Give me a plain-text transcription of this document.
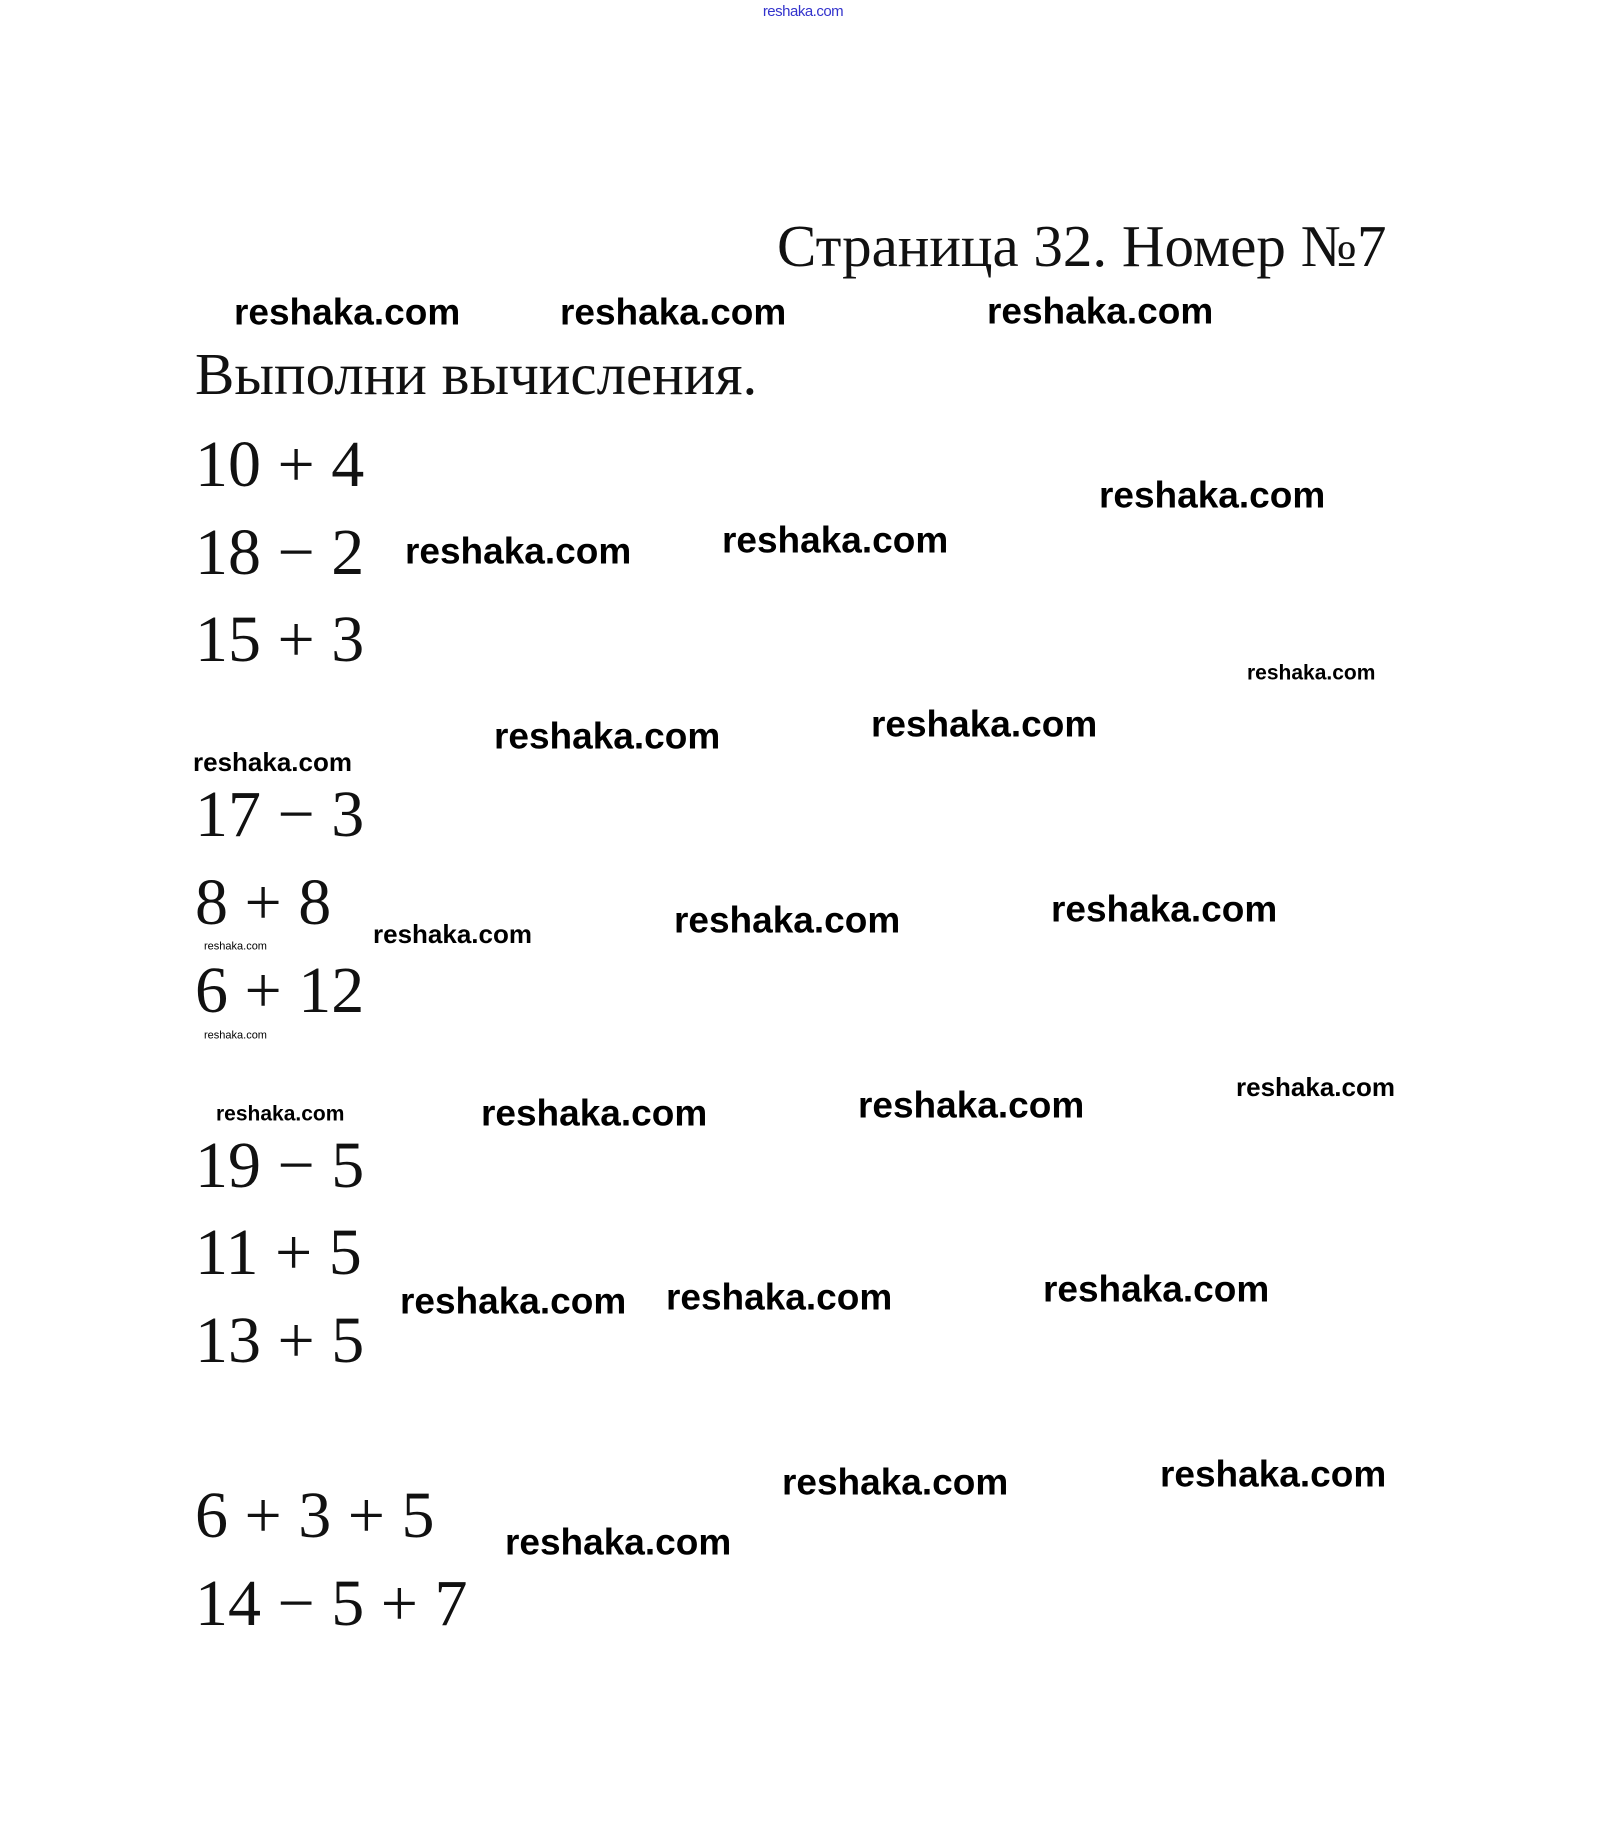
reshaka.com
Страница 32. Номер №7
Выполни вычисления.
10 + 4
18 − 2
15 + 3
17 − 3
8 + 8
6 + 12
19 − 5
11 + 5
13 + 5
6 + 3 + 5
14 − 5 + 7
reshaka.com
reshaka.com	reshaka.com
reshaka.com
reshaka.com reshaka.com
reshaka.com
reshaka.com	reshaka.com
reshaka.com
reshaka.com	reshaka.com	reshaka.com
reshaka.com
reshaka.com
reshaka.com	reshaka.com	reshaka.com	reshaka.com
reshaka.com reshaka.com	reshaka.com
reshaka.com	reshaka.com
reshaka.com
